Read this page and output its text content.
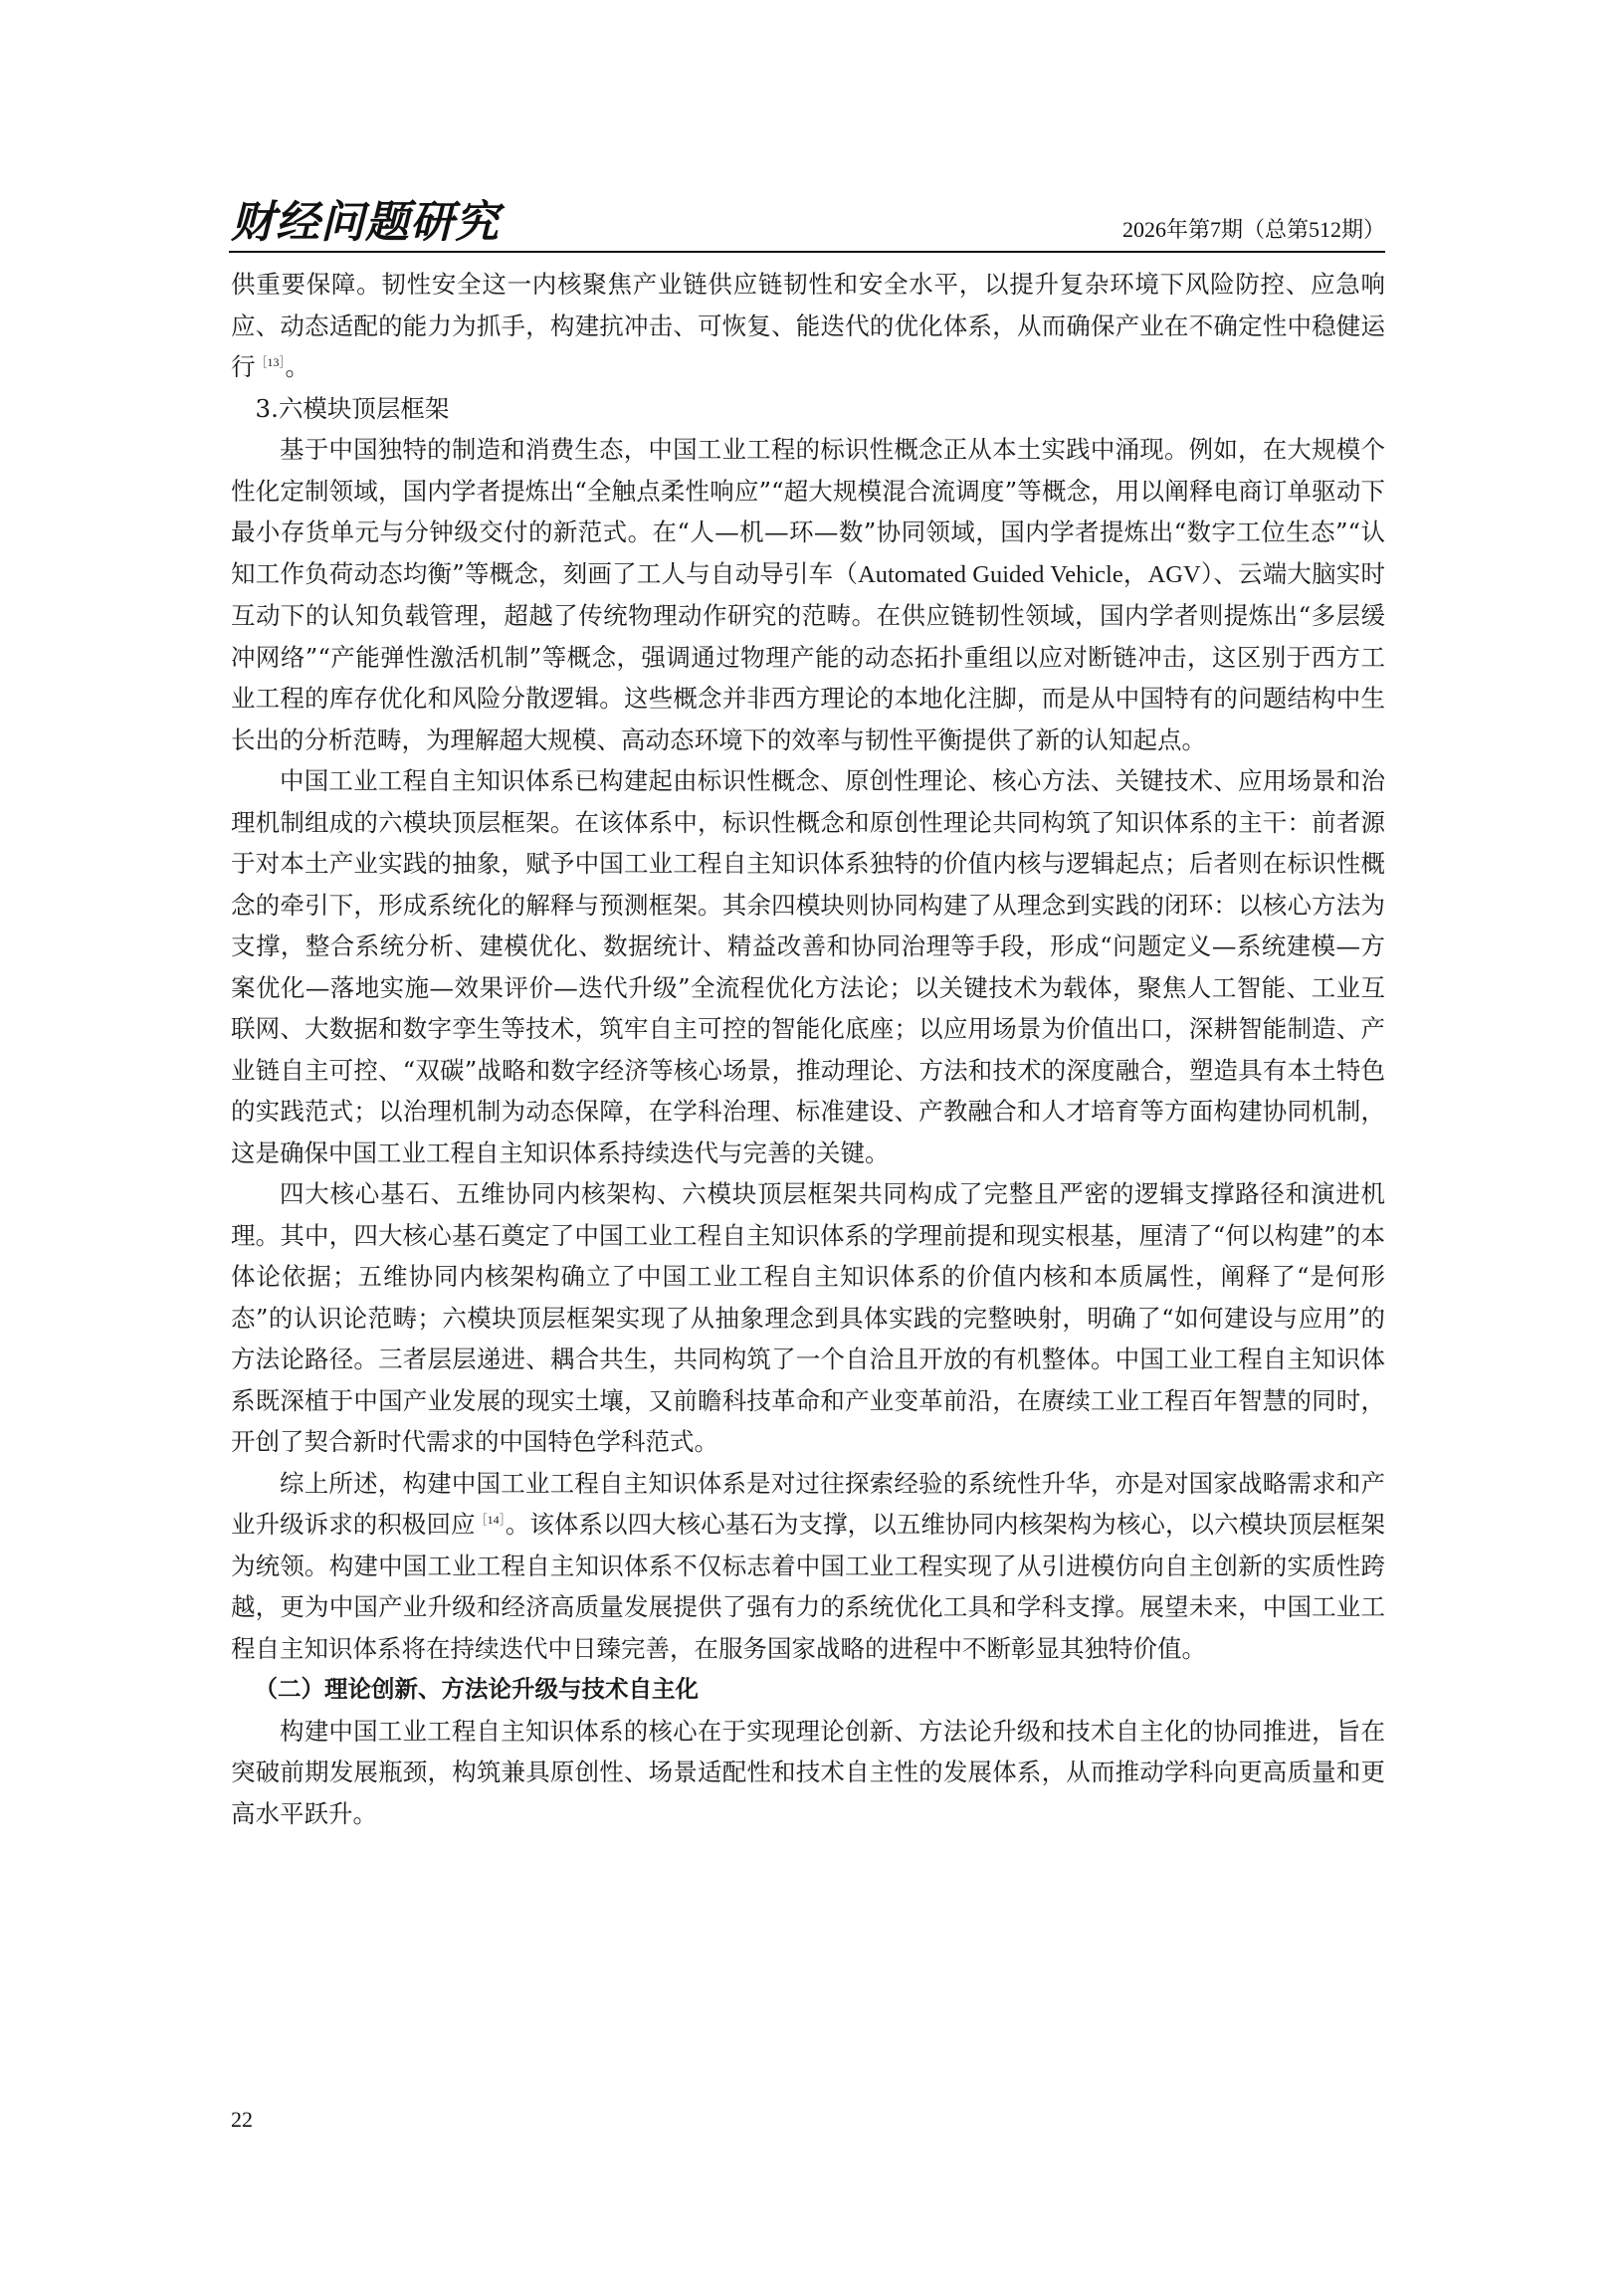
财经问题研究	2026年第7期（总第512期）

供重要保障。韧性安全这一内核聚焦产业链供应链韧性和安全水平，以提升复杂环境下风险防控、应急响应、动态适配的能力为抓手，构建抗冲击、可恢复、能迭代的优化体系，从而确保产业在不确定性中稳健运行$^{[13]}$。

3.六模块顶层框架

基于中国独特的制造和消费生态，中国工业工程的标识性概念正从本土实践中涌现。例如，在大规模个性化定制领域，国内学者提炼出“全触点柔性响应”“超大规模混合流调度”等概念，用以阐释电商订单驱动下最小存货单元与分钟级交付的新范式。在“人—机—环—数”协同领域，国内学者提炼出“数字工位生态”“认知工作负荷动态均衡”等概念，刻画了工人与自动导引车（Automated Guided Vehicle，AGV）、云端大脑实时互动下的认知负载管理，超越了传统物理动作研究的范畴。在供应链韧性领域，国内学者则提炼出“多层缓冲网络”“产能弹性激活机制”等概念，强调通过物理产能的动态拓扑重组以应对断链冲击，这区别于西方工业工程的库存优化和风险分散逻辑。这些概念并非西方理论的本地化注脚，而是从中国特有的问题结构中生长出的分析范畴，为理解超大规模、高动态环境下的效率与韧性平衡提供了新的认知起点。

中国工业工程自主知识体系已构建起由标识性概念、原创性理论、核心方法、关键技术、应用场景和治理机制组成的六模块顶层框架。在该体系中，标识性概念和原创性理论共同构筑了知识体系的主干：前者源于对本土产业实践的抽象，赋予中国工业工程自主知识体系独特的价值内核与逻辑起点；后者则在标识性概念的牵引下，形成系统化的解释与预测框架。其余四模块则协同构建了从理念到实践的闭环：以核心方法为支撑，整合系统分析、建模优化、数据统计、精益改善和协同治理等手段，形成“问题定义—系统建模—方案优化—落地实施—效果评价—迭代升级”全流程优化方法论；以关键技术为载体，聚焦人工智能、工业互联网、大数据和数字孪生等技术，筑牢自主可控的智能化底座；以应用场景为价值出口，深耕智能制造、产业链自主可控、“双碳”战略和数字经济等核心场景，推动理论、方法和技术的深度融合，塑造具有本土特色的实践范式；以治理机制为动态保障，在学科治理、标准建设、产教融合和人才培育等方面构建协同机制，这是确保中国工业工程自主知识体系持续迭代与完善的关键。

四大核心基石、五维协同内核架构、六模块顶层框架共同构成了完整且严密的逻辑支撑路径和演进机理。其中，四大核心基石奠定了中国工业工程自主知识体系的学理前提和现实根基，厘清了“何以构建”的本体论依据；五维协同内核架构确立了中国工业工程自主知识体系的价值内核和本质属性，阐释了“是何形态”的认识论范畴；六模块顶层框架实现了从抽象理念到具体实践的完整映射，明确了“如何建设与应用”的方法论路径。三者层层递进、耦合共生，共同构筑了一个自洽且开放的有机整体。中国工业工程自主知识体系既深植于中国产业发展的现实土壤，又前瞻科技革命和产业变革前沿，在赓续工业工程百年智慧的同时，开创了契合新时代需求的中国特色学科范式。

综上所述，构建中国工业工程自主知识体系是对过往探索经验的系统性升华，亦是对国家战略需求和产业升级诉求的积极回应$^{[14]}$。该体系以四大核心基石为支撑，以五维协同内核架构为核心，以六模块顶层框架为统领。构建中国工业工程自主知识体系不仅标志着中国工业工程实现了从引进模仿向自主创新的实质性跨越，更为中国产业升级和经济高质量发展提供了强有力的系统优化工具和学科支撑。展望未来，中国工业工程自主知识体系将在持续迭代中日臻完善，在服务国家战略的进程中不断彰显其独特价值。

（二）理论创新、方法论升级与技术自主化

构建中国工业工程自主知识体系的核心在于实现理论创新、方法论升级和技术自主化的协同推进，旨在突破前期发展瓶颈，构筑兼具原创性、场景适配性和技术自主性的发展体系，从而推动学科向更高质量和更高水平跃升。

22
